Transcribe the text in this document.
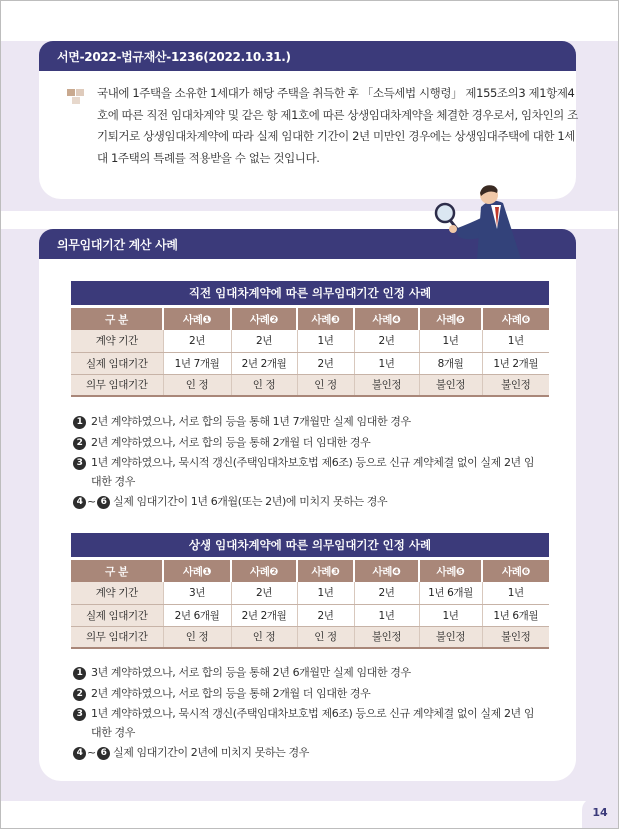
서면-2022-법규재산-1236(2022.10.31.)
국내에 1주택을 소유한 1세대가 해당 주택을 취득한 후 「소득세법 시행령」 제155조의3 제1항제4호에 따른 직전 임대차계약 및 같은 항 제1호에 따른 상생임대차계약을 체결한 경우로서, 임차인의 조기퇴거로 상생임대차계약에 따라 실제 임대한 기간이 2년 미만인 경우에는 상생임대주택에 대한 1세대 1주택의 특례를 적용받을 수 없는 것입니다.
의무임대기간 계산 사례
직전 임대차계약에 따른 의무임대기간 인정 사례
구 분	사례❶	사례❷	사례❸	사례❹	사례❺	사례❻
계약 기간	2년	2년	1년	2년	1년	1년
실제 임대기간	1년 7개월	2년 2개월	2년	1년	8개월	1년 2개월
의무 임대기간	인 정	인 정	인 정	불인정	불인정	불인정
1 2년 계약하였으나, 서로 합의 등을 통해 1년 7개월만 실제 임대한 경우
2 2년 계약하였으나, 서로 합의 등을 통해 2개월 더 임대한 경우
3 1년 계약하였으나, 묵시적 갱신(주택임대차보호법 제6조) 등으로 신규 계약체결 없이 실제 2년 임대한 경우
4 ~ 6 실제 임대기간이 1년 6개월(또는 2년)에 미치지 못하는 경우
상생 임대차계약에 따른 의무임대기간 인정 사례
구 분	사례❶	사례❷	사례❸	사례❹	사례❺	사례❻
계약 기간	3년	2년	1년	2년	1년 6개월	1년
실제 임대기간	2년 6개월	2년 2개월	2년	1년	1년	1년 6개월
의무 임대기간	인 정	인 정	인 정	불인정	불인정	불인정
1 3년 계약하였으나, 서로 합의 등을 통해 2년 6개월만 실제 임대한 경우
2 2년 계약하였으나, 서로 합의 등을 통해 2개월 더 임대한 경우
3 1년 계약하였으나, 묵시적 갱신(주택임대차보호법 제6조) 등으로 신규 계약체결 없이 실제 2년 임대한 경우
4 ~ 6 실제 임대기간이 2년에 미치지 못하는 경우
14
